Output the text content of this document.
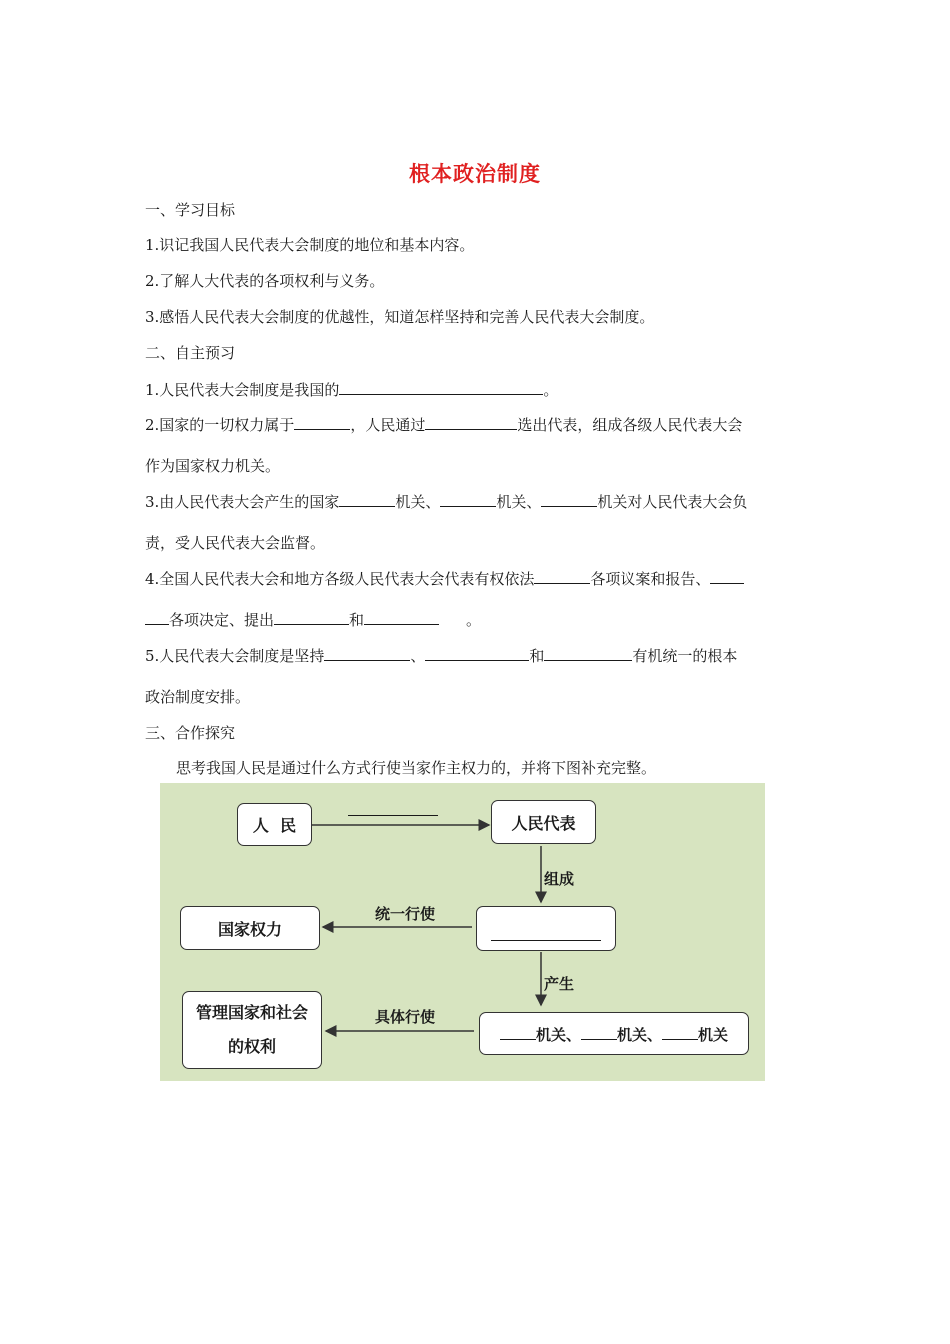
根本政治制度
一、学习目标
1.识记我国人民代表大会制度的地位和基本内容。
2.了解人大代表的各项权利与义务。
3.感悟人民代表大会制度的优越性，知道怎样坚持和完善人民代表大会制度。
二、自主预习
1.人民代表大会制度是我国的	。
2.国家的一切权力属于	，人民通过	选出代表，组成各级人民代表大会
作为国家权力机关。
3.由人民代表大会产生的国家	机关、	机关、	机关对人民代表大会负
责，受人民代表大会监督。
4.全国人民代表大会和地方各级人民代表大会代表有权依法	各项议案和报告、
各项决定、提出	和	。
5.人民代表大会制度是坚持	、	和	有机统一的根本
政治制度安排。
三、合作探究
思考我国人民是通过什么方式行使当家作主权力的，并将下图补充完整。
人  民	人民代表
组成
国家权力
统一行使
产生
管理国家和社会的权利
具体行使
机关、 机关、 机关
